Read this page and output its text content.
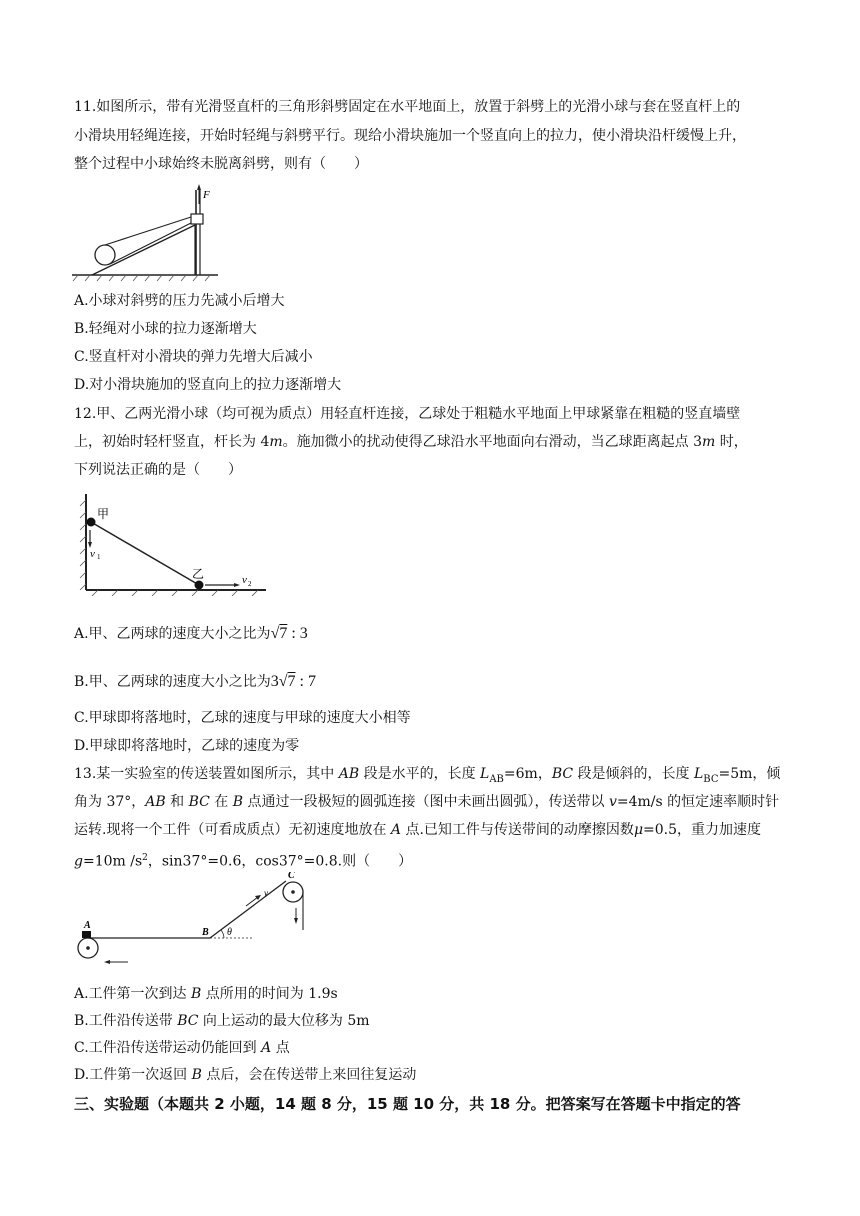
11.如图所示，带有光滑竖直杆的三角形斜劈固定在水平地面上，放置于斜劈上的光滑小球与套在竖直杆上的
小滑块用轻绳连接，开始时轻绳与斜劈平行。现给小滑块施加一个竖直向上的拉力，使小滑块沿杆缓慢上升，
整个过程中小球始终未脱离斜劈，则有（　　）
F
A.小球对斜劈的压力先减小后增大
B.轻绳对小球的拉力逐渐增大
C.竖直杆对小滑块的弹力先增大后减小
D.对小滑块施加的竖直向上的拉力逐渐增大
12.甲、乙两光滑小球（均可视为质点）用轻直杆连接，乙球处于粗糙水平地面上甲球紧靠在粗糙的竖直墙壁
上，初始时轻杆竖直，杆长为 4m。施加微小的扰动使得乙球沿水平地面向右滑动，当乙球距离起点 3m 时，
下列说法正确的是（　　）
甲
乙
v 1
v 2
A.甲、乙两球的速度大小之比为√7 : 3
B.甲、乙两球的速度大小之比为3√7 : 7
C.甲球即将落地时，乙球的速度与甲球的速度大小相等
D.甲球即将落地时，乙球的速度为零
13.某一实验室的传送装置如图所示，其中 AB 段是水平的，长度 $L_{AB}=6m$，BC 段是倾斜的，长度 $L_{BC}=5m$，倾
角为 37°，AB 和 BC 在 B 点通过一段极短的圆弧连接（图中未画出圆弧），传送带以 v=4m/s 的恒定速率顺时针
运转.现将一个工件（可看成质点）无初速度地放在 A 点.已知工件与传送带间的动摩擦因数μ=0.5，重力加速度
g=10m $/s^2$，sin37°=0.6，cos37°=0.8.则（　　）
A
B
C
θ
v
A.工件第一次到达 B 点所用的时间为 1.9s
B.工件沿传送带 BC 向上运动的最大位移为 5m
C.工件沿传送带运动仍能回到 A 点
D.工件第一次返回 B 点后，会在传送带上来回往复运动
三、实验题（本题共 2 小题，14 题 8 分，15 题 10 分，共 18 分。把答案写在答题卡中指定的答
